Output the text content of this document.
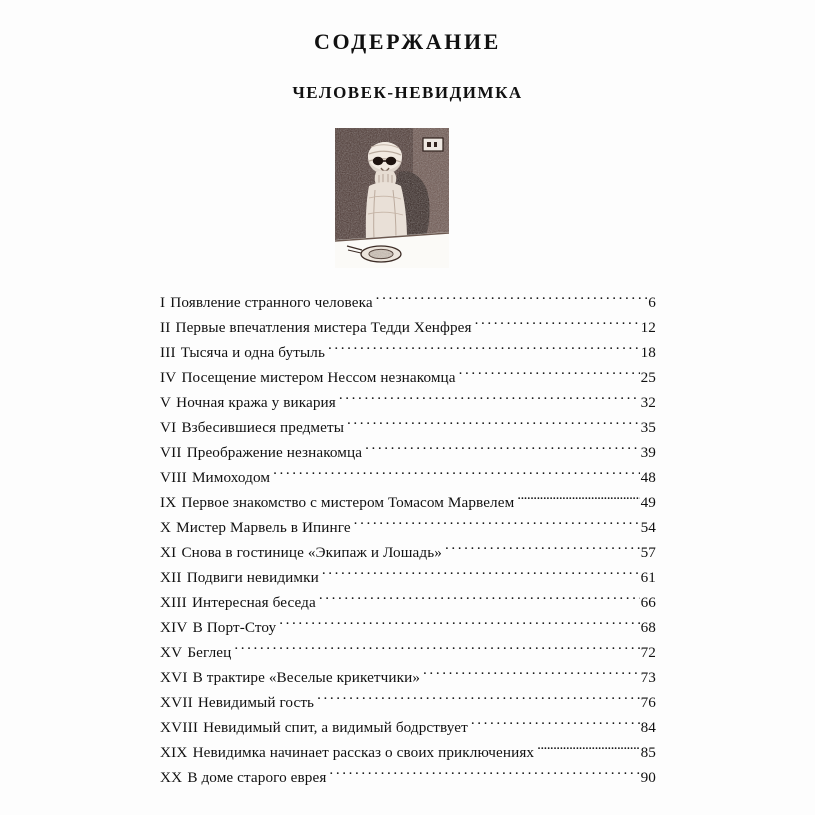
СОДЕРЖАНИЕ
ЧЕЛОВЕК-НЕВИДИМКА
I Появление странного человека . . .	6
II Первые впечатления мистера Тедди Хенфрея . . .	12
III Тысяча и одна бутыль . . .	18
IV Посещение мистером Нессом незнакомца . . .	25
V Ночная кража у викария . . .	32
VI Взбесившиеся предметы . . .	35
VII Преображение незнакомца . . .	39
VIII Мимоходом . . .	48
IX Первое знакомство с мистером Томасом Марвелем . . .	49
X Мистер Марвель в Ипинге . . .	54
XI Снова в гостинице «Экипаж и Лошадь» . . .	57
XII Подвиги невидимки . . .	61
XIII Интересная беседа . . .	66
XIV В Порт-Стоу . . .	68
XV Беглец . . .	72
XVI В трактире «Веселые крикетчики» . . .	73
XVII Невидимый гость . . .	76
XVIII Невидимый спит, а видимый бодрствует . . .	84
XIX Невидимка начинает рассказ о своих приключениях . . .	85
XX В доме старого еврея . . .	90
